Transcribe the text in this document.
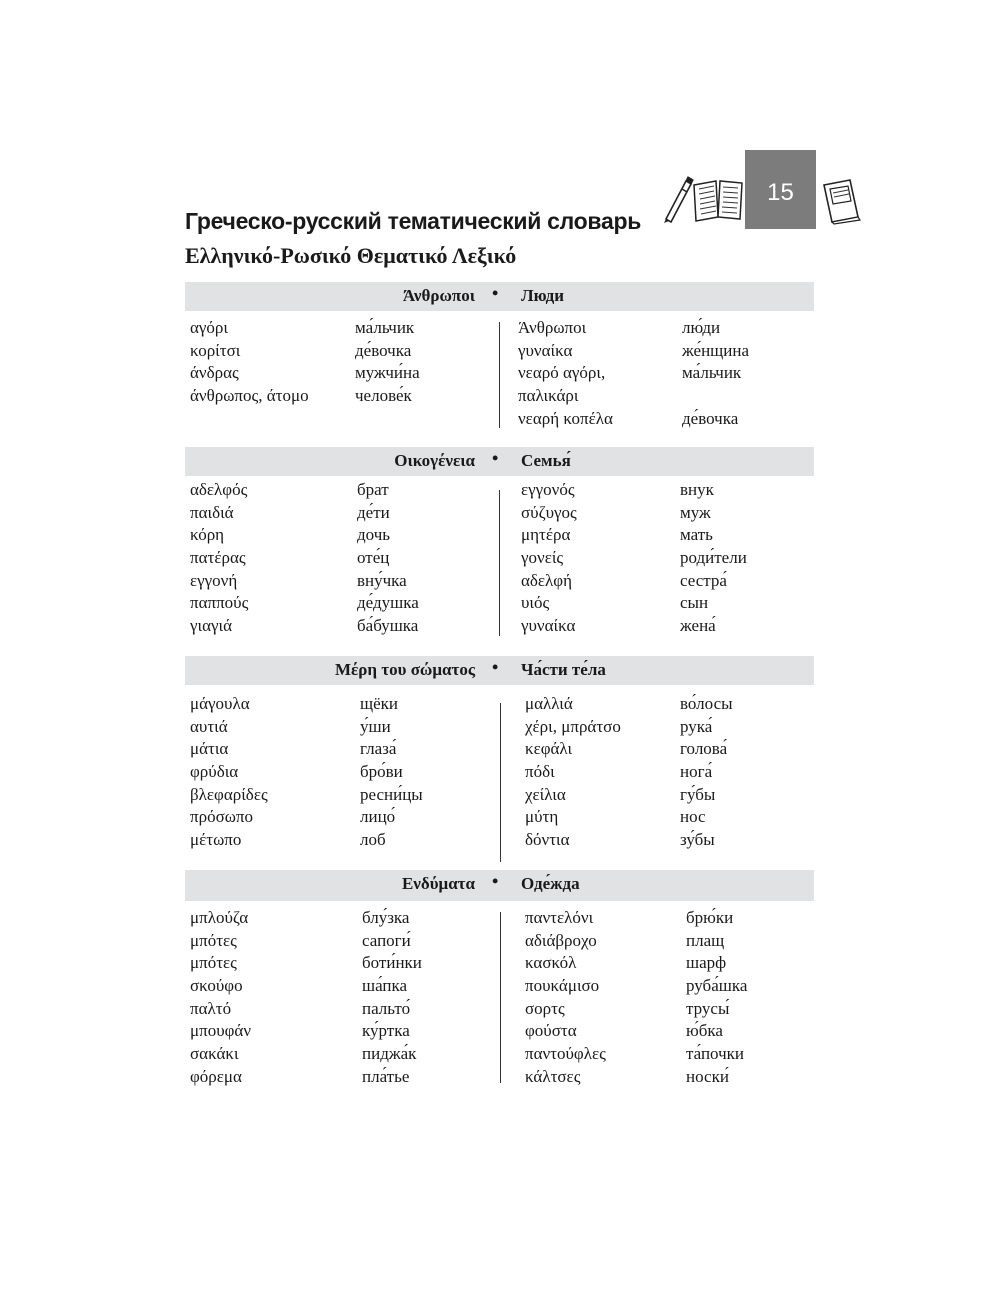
15
Греческо-русский тематический словарь
Ελληνικό-Ρωσικό Θεματικό Λεξικό
Άνθρωποι • Люди
αγόρι
κορίτσι
άνδρας
άνθρωπος, άτομο
ма́льчик
де́вочка
мужчи́на
челове́к
Άνθρωποι
γυναίκα
νεαρό αγόρι,
παλικάρι
νεαρή κοπέλα
лю́ди
же́нщина
ма́льчик
де́вочка
Οικογένεια • Семья́
αδελφός
παιδιά
κόρη
πατέρας
εγγονή
παππούς
γιαγιά
брат
де́ти
дочь
оте́ц
вну́чка
де́душка
ба́бушка
εγγονός
σύζυγος
μητέρα
γονείς
αδελφή
υιός
γυναίκα
внук
муж
мать
роди́тели
сестра́
сын
жена́
Μέρη του σώματος • Ча́сти те́ла
μάγουλα
αυτιά
μάτια
φρύδια
βλεφαρίδες
πρόσωπο
μέτωπο
щёки
у́ши
глаза́
бро́ви
ресни́цы
лицо́
лоб
μαλλιά
χέρι, μπράτσο
κεφάλι
πόδι
χείλια
μύτη
δόντια
во́лосы
рука́
голова́
нога́
гу́бы
нос
зу́бы
Ενδύματα • Оде́жда
μπλούζα
μπότες
μπότες
σκούφο
παλτό
μπουφάν
σακάκι
φόρεμα
блу́зка
сапоги́
боти́нки
ша́пка
пальто́
ку́ртка
пиджа́к
пла́тье
παντελόνι
αδιάβροχο
κασκόλ
πουκάμισο
σορτς
φούστα
παντούφλες
κάλτσες
брю́ки
плащ
шарф
руба́шка
трусы́
ю́бка
та́почки
носки́
